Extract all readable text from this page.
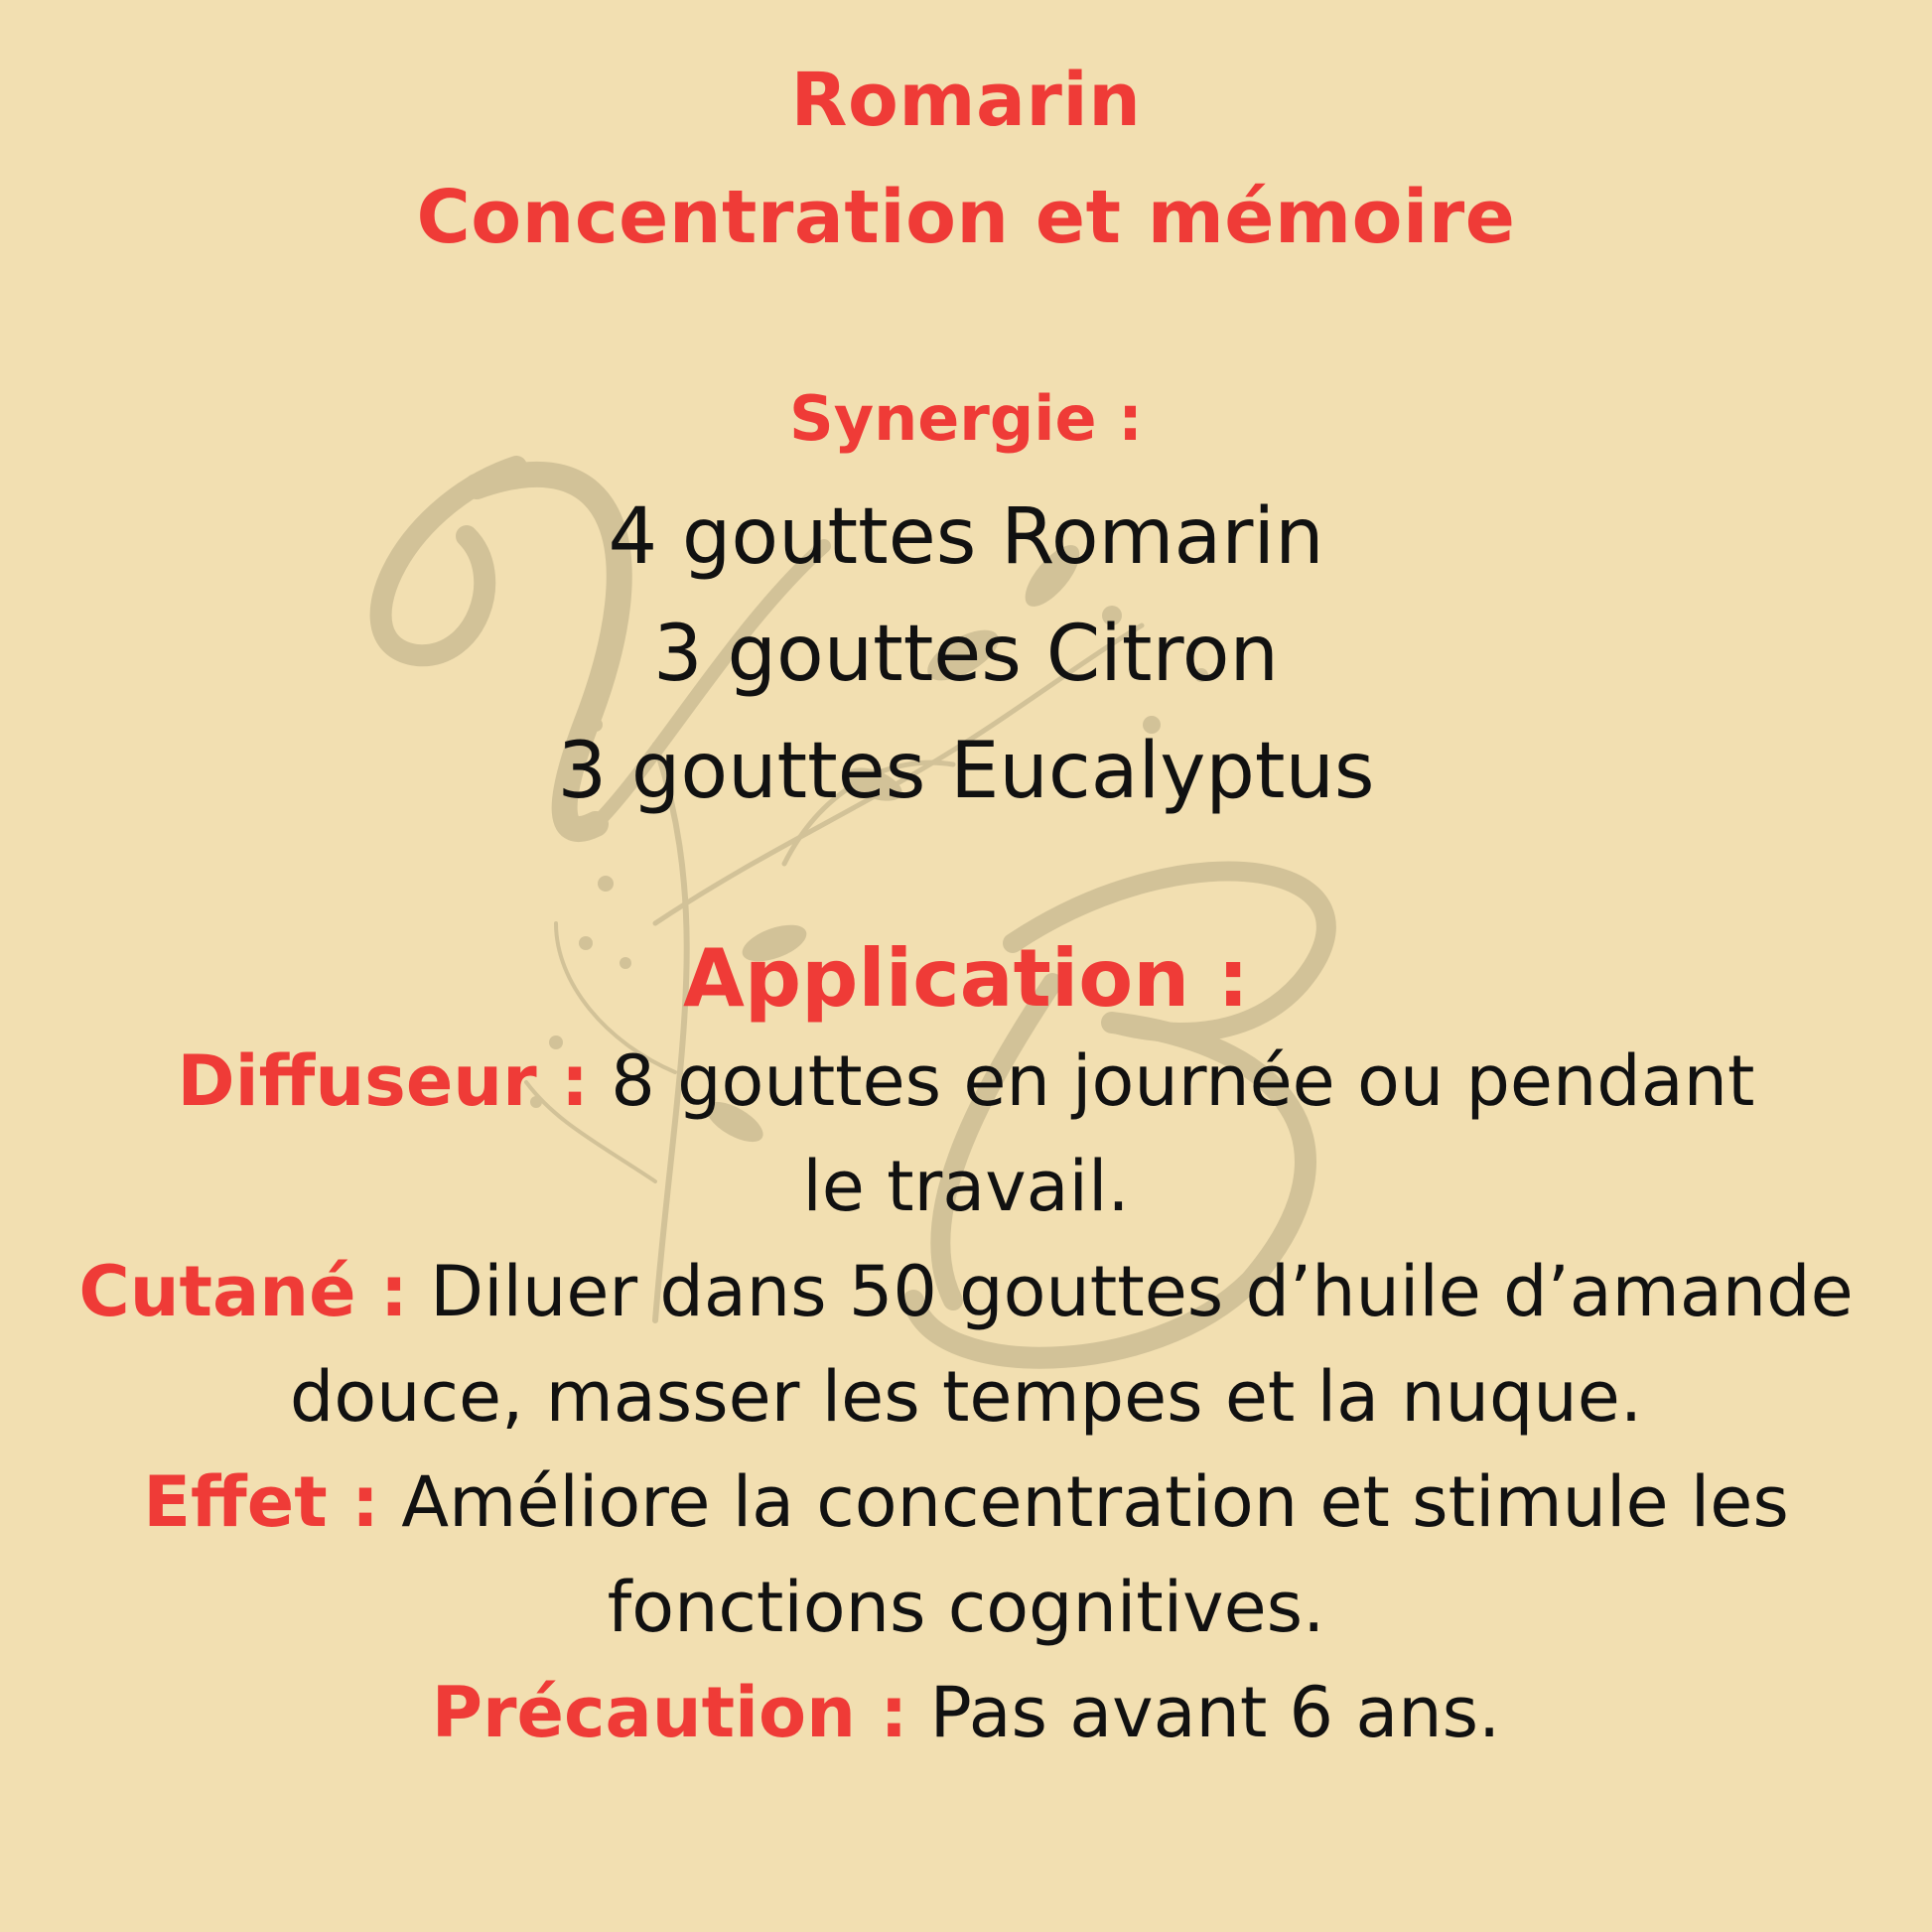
Romarin
Concentration et mémoire
Synergie :
4 gouttes Romarin
3 gouttes Citron
3 gouttes Eucalyptus
Application :
Diffuseur : 8 gouttes en journée ou pendant
le travail.
Cutané : Diluer dans 50 gouttes d’huile d’amande
douce, masser les tempes et la nuque.
Effet : Améliore la concentration et stimule les
fonctions cognitives.
Précaution : Pas avant 6 ans.
